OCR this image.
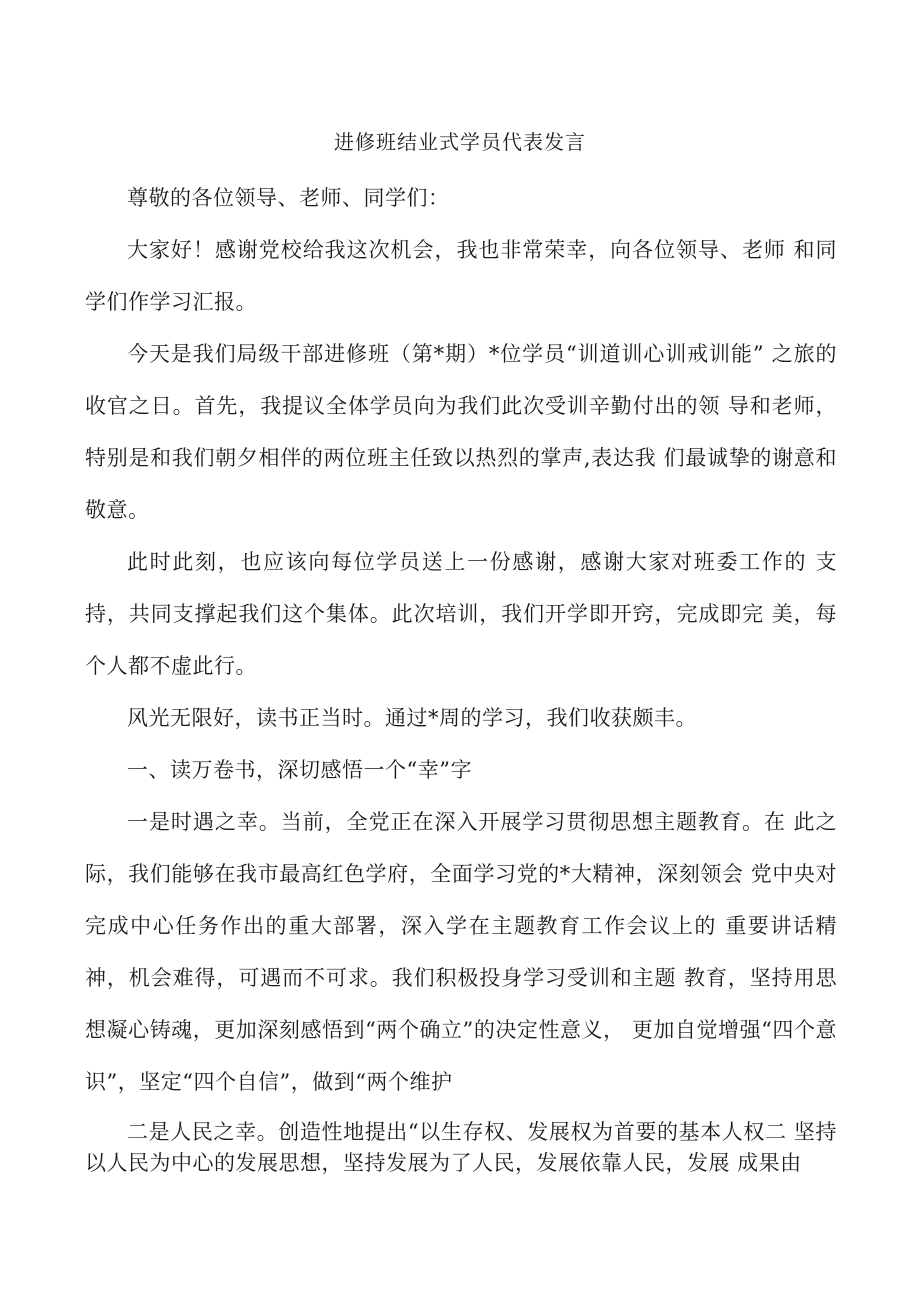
进修班结业式学员代表发言

尊敬的各位领导、老师、同学们：

大家好！感谢党校给我这次机会，我也非常荣幸，向各位领导、老师 和同学们作学习汇报。

今天是我们局级干部进修班（第*期）*位学员“训道训心训戒训能” 之旅的收官之日。首先，我提议全体学员向为我们此次受训辛勤付出的领 导和老师，特别是和我们朝夕相伴的两位班主任致以热烈的掌声,表达我 们最诚挚的谢意和敬意。

此时此刻，也应该向每位学员送上一份感谢，感谢大家对班委工作的 支持，共同支撑起我们这个集体。此次培训，我们开学即开窍，完成即完 美，每个人都不虚此行。

风光无限好，读书正当时。通过*周的学习，我们收获颇丰。

一、读万卷书，深切感悟一个“幸”字

一是时遇之幸。当前，全党正在深入开展学习贯彻思想主题教育。在 此之际，我们能够在我市最高红色学府，全面学习党的*大精神，深刻领会 党中央对完成中心任务作出的重大部署，深入学在主题教育工作会议上的 重要讲话精神，机会难得，可遇而不可求。我们积极投身学习受训和主题 教育，坚持用思想凝心铸魂，更加深刻感悟到“两个确立”的决定性意义， 更加自觉增强“四个意识”，坚定“四个自信”，做到“两个维护

二是人民之幸。创造性地提出“以生存权、发展权为首要的基本人权二 坚持以人民为中心的发展思想，坚持发展为了人民，发展依靠人民，发展 成果由
